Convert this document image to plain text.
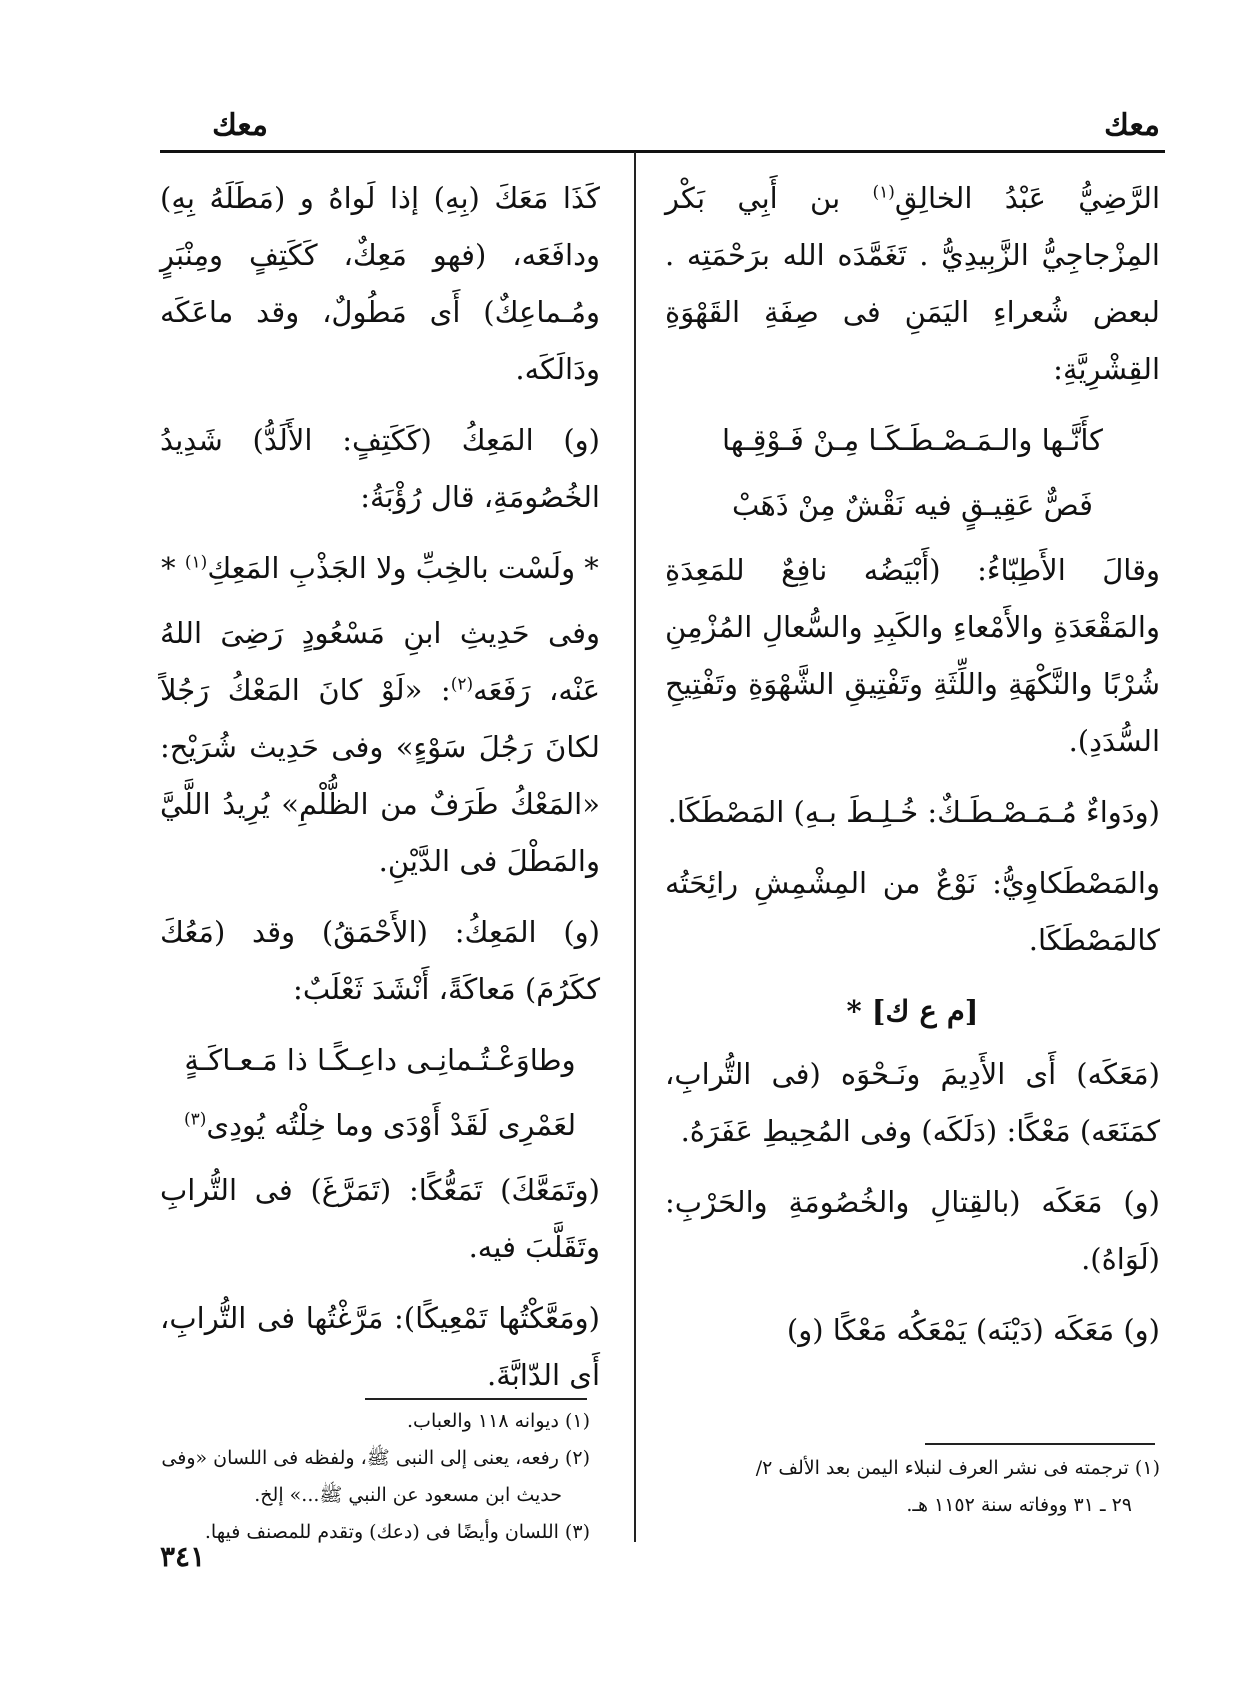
معك
معك

الرَّضِيُّ عَبْدُ الخالِقِ$^{(١)}$ بن أَبِي بَكْر المِزْجاجِيُّ الزَّبِيدِيُّ . تَغَمَّدَه الله برَحْمَتِه . لبعض شُعراءِ اليَمَنِ فى صِفَةِ القَهْوَةِ القِشْرِيَّةِ:

كأَنَّـها والـمَـصْـطَـكَـا مِـنْ فَـوْقِـها
فَصٌّ عَقِيـقٍ فيه نَقْشٌ مِنْ ذَهَبْ

وقالَ الأَطِبّاءُ: (أَبْيَضُه نافِعٌ للمَعِدَةِ والمَقْعَدَةِ والأَمْعاءِ والكَبِدِ والسُّعالِ المُزْمِنِ شُرْبًا والنَّكْهَةِ واللِّثَةِ وتَفْتِيقِ الشَّهْوَةِ وتَفْتِيحِ السُّدَدِ).

(ودَواءٌ مُـمَـصْـطَـكٌ: خُـلِـطَ بـهِ) المَصْطَكَا.

والمَصْطَكاوِيُّ: نَوْعٌ من المِشْمِشِ رائِحَتُه كالمَصْطَكَا.

[م ع ك] *

(مَعَكَه) أَى الأَدِيمَ ونَـحْوَه (فى التُّرابِ، كمَنَعَه) مَعْكًا: (دَلَكَه) وفى المُحِيطِ عَفَرَهُ.

(و) مَعَكَه (بالقِتالِ والخُصُومَةِ والحَرْبِ: (لَوَاهُ).

(و) مَعَكَه (دَيْنَه) يَمْعَكُه مَعْكًا (و)

كَذَا مَعَكَ (بِهِ) إذا لَواهُ و (مَطَلَهُ بِهِ) ودافَعَه، (فهو مَعِكٌ، كَكَتِفٍ ومِنْبَرٍ ومُـماعِكٌ) أَى مَطُولٌ، وقد ماعَكَه ودَالَكَه.

(و) المَعِكُ (كَكَتِفٍ: الأَلَدُّ) شَدِيدُ الخُصُومَةِ، قال رُؤْبَةُ:

* ولَسْت بالخِبِّ ولا الجَذْبِ المَعِكِ$^{(١)}$ *

وفى حَدِيثِ ابنِ مَسْعُودٍ رَضِىَ اللهُ عَنْه، رَفَعَه$^{(٢)}$: «لَوْ كانَ المَعْكُ رَجُلاً لكانَ رَجُلَ سَوْءٍ» وفى حَدِيث شُرَيْح: «المَعْكُ طَرَفٌ من الظُّلْمِ» يُرِيدُ اللَّيَّ والمَطْلَ فى الدَّيْنِ.

(و) المَعِكُ: (الأَحْمَقُ) وقد (مَعُكَ ككَرُمَ) مَعاكَةً، أَنْشَدَ ثَعْلَبٌ:

وطاوَعْـتُـمانِـى داعِـكًـا ذا مَـعـاكَـةٍ
لعَمْرِى لَقَدْ أَوْدَى وما خِلْتُه يُودِى$^{(٣)}$

(وتَمَعَّكَ) تَمَعُّكًا: (تَمَرَّغَ) فى التُّرابِ وتَقَلَّبَ فيه.

(ومَعَّكْتُها تَمْعِيكًا): مَرَّغْتُها فى التُّرابِ، أَى الدّابَّةَ.

(١) ديوانه ١١٨ والعباب.
(٢) رفعه، يعنى إلى النبى ﷺ، ولفظه فى اللسان «وفى
حديث ابن مسعود عن النبي ﷺ...» إلخ.
(٣) اللسان وأيضًا فى (دعك) وتقدم للمصنف فيها.
(١) ترجمته فى نشر العرف لنبلاء اليمن بعد الألف ٢/
٢٩ ـ ٣١ ووفاته سنة ١١٥٢ هـ.
٣٤١
